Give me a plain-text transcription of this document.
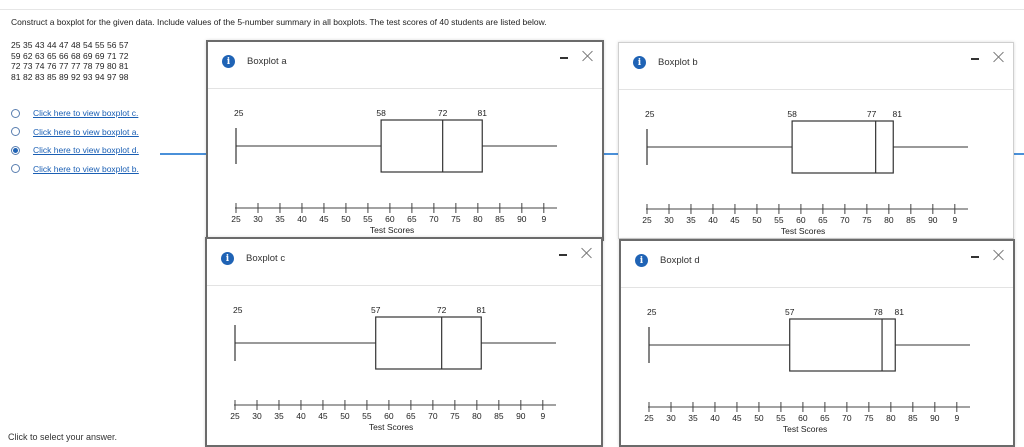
Construct a boxplot for the given data. Include values of the 5-number summary in all boxplots. The test scores of 40 students are listed below.
25 35 43 44 47 48 54 55 56 57
59 62 63 65 66 68 69 69 71 72
72 73 74 76 77 77 78 79 80 81
81 82 83 85 89 92 93 94 97 98
Click here to view boxplot c.
Click here to view boxplot a.
Click here to view boxplot d.
Click here to view boxplot b.
Click to select your answer.
i	Boxplot a
25 30 35 40 45 50 55 60 65 70 75 80 85 90 9
Test Scores
25	58	72	81
i	Boxplot b
25 30 35 40 45 50 55 60 65 70 75 80 85 90 9
Test Scores
25	58	77 81
i	Boxplot c
25 30 35 40 45 50 55 60 65 70 75 80 85 90 9
Test Scores
25	57	72	81
i	Boxplot d
25 30 35 40 45 50 55 60 65 70 75 80 85 90 9
Test Scores
25	57	78 81
